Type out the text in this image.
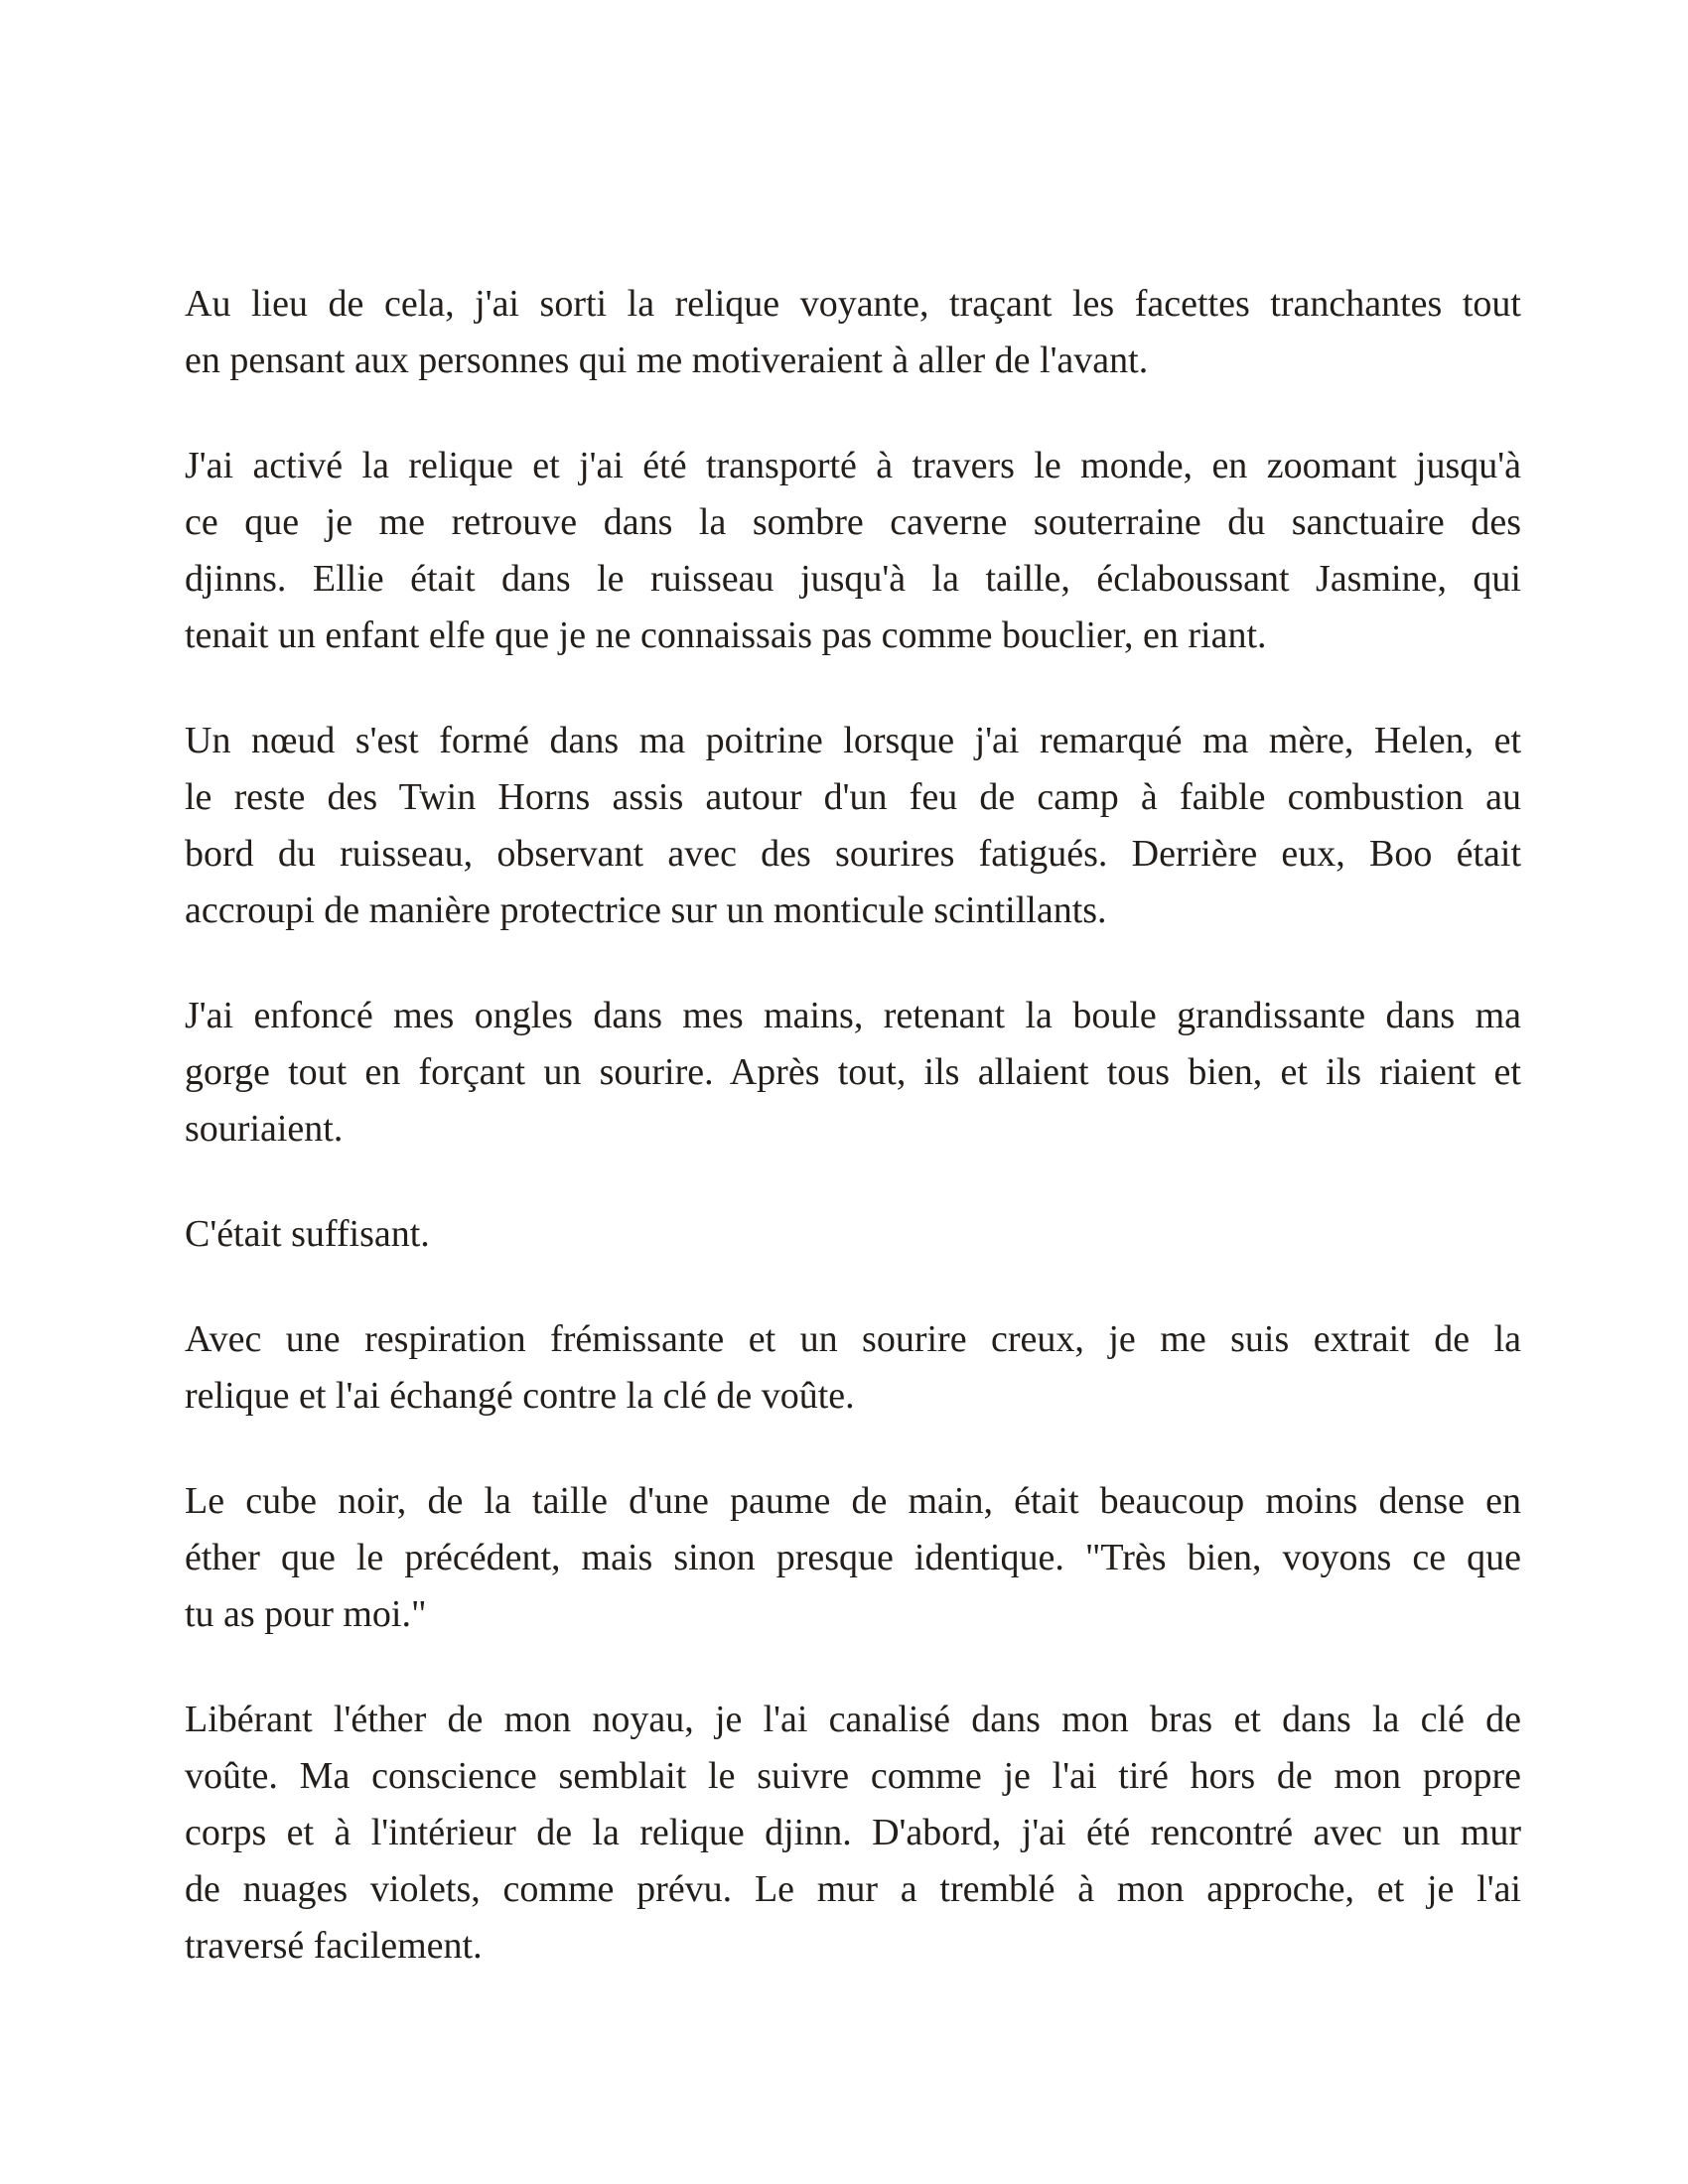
Au lieu de cela, j'ai sorti la relique voyante, traçant les facettes tranchantes tout
en pensant aux personnes qui me motiveraient à aller de l'avant.

J'ai activé la relique et j'ai été transporté à travers le monde, en zoomant jusqu'à
ce que je me retrouve dans la sombre caverne souterraine du sanctuaire des
djinns. Ellie était dans le ruisseau jusqu'à la taille, éclaboussant Jasmine, qui
tenait un enfant elfe que je ne connaissais pas comme bouclier, en riant.

Un nœud s'est formé dans ma poitrine lorsque j'ai remarqué ma mère, Helen, et
le reste des Twin Horns assis autour d'un feu de camp à faible combustion au
bord du ruisseau, observant avec des sourires fatigués. Derrière eux, Boo était
accroupi de manière protectrice sur un monticule scintillants.

J'ai enfoncé mes ongles dans mes mains, retenant la boule grandissante dans ma
gorge tout en forçant un sourire. Après tout, ils allaient tous bien, et ils riaient et
souriaient.

C'était suffisant.

Avec une respiration frémissante et un sourire creux, je me suis extrait de la
relique et l'ai échangé contre la clé de voûte.

Le cube noir, de la taille d'une paume de main, était beaucoup moins dense en
éther que le précédent, mais sinon presque identique. "Très bien, voyons ce que
tu as pour moi."

Libérant l'éther de mon noyau, je l'ai canalisé dans mon bras et dans la clé de
voûte. Ma conscience semblait le suivre comme je l'ai tiré hors de mon propre
corps et à l'intérieur de la relique djinn. D'abord, j'ai été rencontré avec un mur
de nuages violets, comme prévu. Le mur a tremblé à mon approche, et je l'ai
traversé facilement.
